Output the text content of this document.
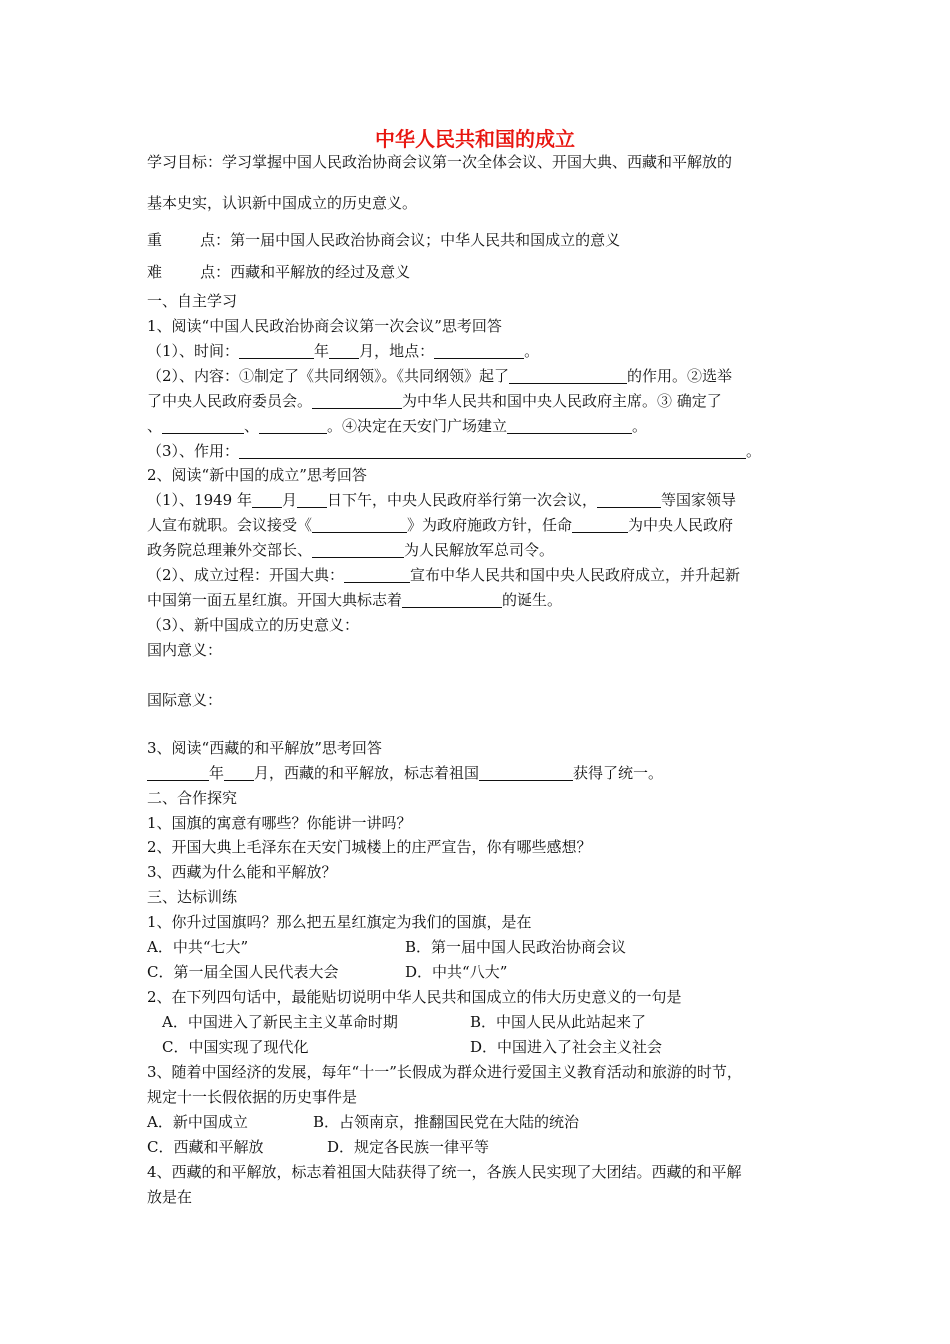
中华人民共和国的成立
学习目标：学习掌握中国人民政治协商会议第一次全体会议、开国大典、西藏和平解放的
基本史实，认识新中国成立的历史意义。
重        点：第一届中国人民政治协商会议；中华人民共和国成立的意义
难        点：西藏和平解放的经过及意义
一、自主学习
1、阅读“中国人民政治协商会议第一次会议”思考回答
（1）、时间：	年 月，地点：	。
（2）、内容：①制定了《共同纲领》。《共同纲领》起了	的作用。②选举
了中央人民政府委员会。	为中华人民共和国中央人民政府主席。③ 确定了
、	、	。④决定在天安门广场建立	。
（3）、作用：	。
2、阅读“新中国的成立”思考回答
（1）、1949 年 月 日下午，中央人民政府举行第一次会议，	等国家领导
人宣布就职。会议接受《	》为政府施政方针，任命	为中央人民政府
政务院总理兼外交部长、	为人民解放军总司令。
（2）、成立过程：开国大典：	宣布中华人民共和国中央人民政府成立，并升起新
中国第一面五星红旗。开国大典标志着	的诞生。
（3）、新中国成立的历史意义：
国内意义：
国际意义：
3、阅读“西藏的和平解放”思考回答
年 月，西藏的和平解放，标志着祖国	获得了统一。
二、合作探究
1、国旗的寓意有哪些？你能讲一讲吗？
2、开国大典上毛泽东在天安门城楼上的庄严宣告，你有哪些感想？
3、西藏为什么能和平解放？
三、达标训练
1、你升过国旗吗？那么把五星红旗定为我们的国旗，是在
A．中共“七大”	B．第一届中国人民政治协商会议
C．第一届全国人民代表大会	D．中共“八大”
2、在下列四句话中，最能贴切说明中华人民共和国成立的伟大历史意义的一句是
A．中国进入了新民主主义革命时期	B．中国人民从此站起来了
C．中国实现了现代化	D．中国进入了社会主义社会
3、随着中国经济的发展，每年“十一”长假成为群众进行爱国主义教育活动和旅游的时节，
规定十一长假依据的历史事件是
A．新中国成立	B．占领南京，推翻国民党在大陆的统治
C．西藏和平解放	D．规定各民族一律平等
4、西藏的和平解放，标志着祖国大陆获得了统一，各族人民实现了大团结。西藏的和平解
放是在
